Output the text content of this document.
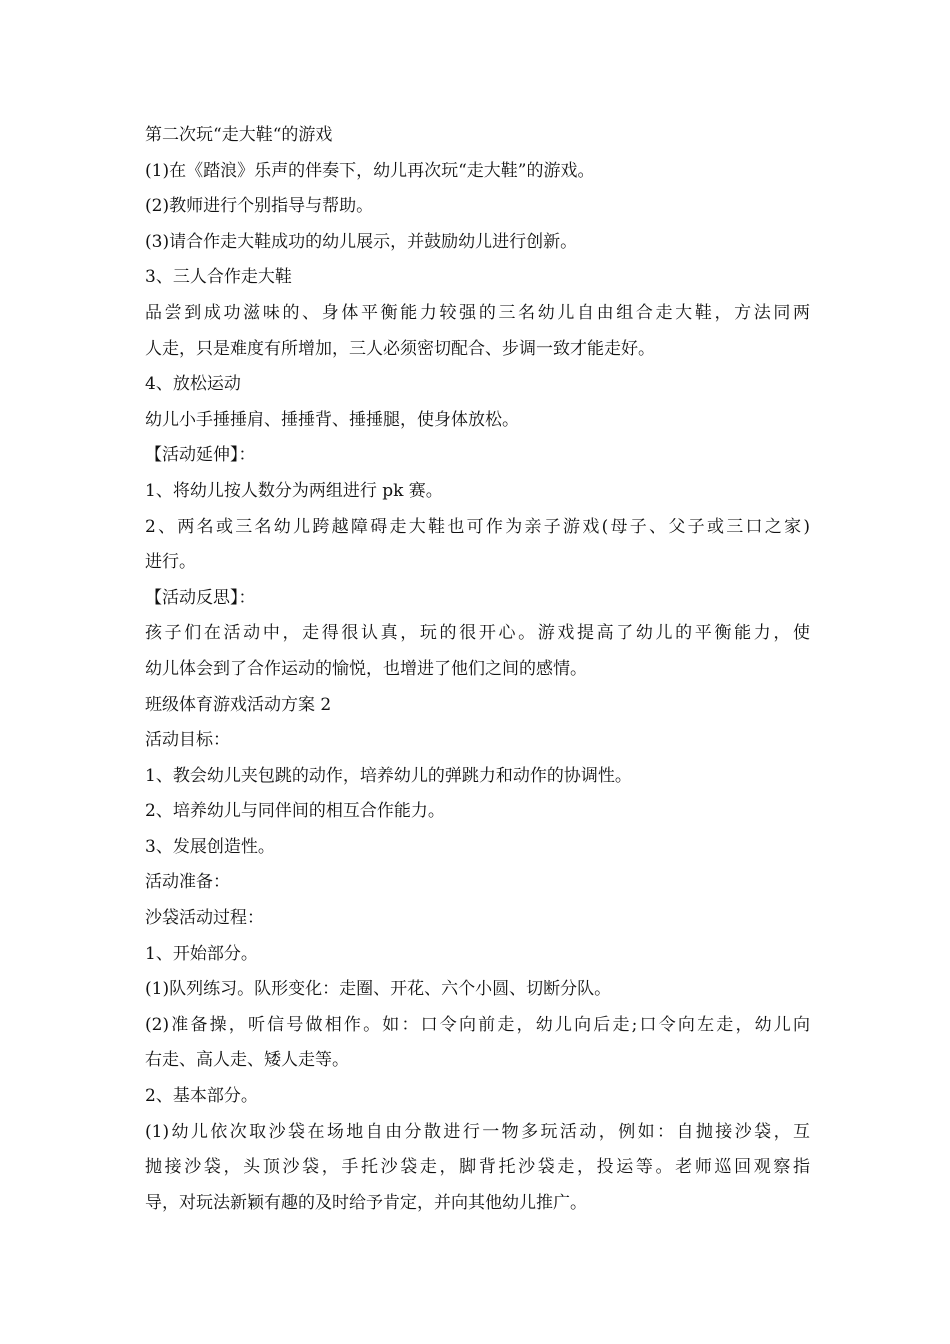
第二次玩“走大鞋“的游戏
(1)在《踏浪》乐声的伴奏下，幼儿再次玩“走大鞋”的游戏。
(2)教师进行个别指导与帮助。
(3)请合作走大鞋成功的幼儿展示，并鼓励幼儿进行创新。
3、三人合作走大鞋
品尝到成功滋味的、身体平衡能力较强的三名幼儿自由组合走大鞋，方法同两
人走，只是难度有所增加，三人必须密切配合、步调一致才能走好。
4、放松运动
幼儿小手捶捶肩、捶捶背、捶捶腿，使身体放松。
【活动延伸】：
1、将幼儿按人数分为两组进行 pk 赛。
2、两名或三名幼儿跨越障碍走大鞋也可作为亲子游戏(母子、父子或三口之家)
进行。
【活动反思】：
孩子们在活动中，走得很认真，玩的很开心。游戏提高了幼儿的平衡能力，使
幼儿体会到了合作运动的愉悦，也增进了他们之间的感情。
班级体育游戏活动方案 2
活动目标：
1、教会幼儿夹包跳的动作，培养幼儿的弹跳力和动作的协调性。
2、培养幼儿与同伴间的相互合作能力。
3、发展创造性。
活动准备：
沙袋活动过程：
1、开始部分。
(1)队列练习。队形变化：走圈、开花、六个小圆、切断分队。
(2)准备操，听信号做相作。如：口令向前走，幼儿向后走;口令向左走，幼儿向
右走、高人走、矮人走等。
2、基本部分。
(1)幼儿依次取沙袋在场地自由分散进行一物多玩活动，例如：自抛接沙袋，互
抛接沙袋，头顶沙袋，手托沙袋走，脚背托沙袋走，投运等。老师巡回观察指
导，对玩法新颖有趣的及时给予肯定，并向其他幼儿推广。
